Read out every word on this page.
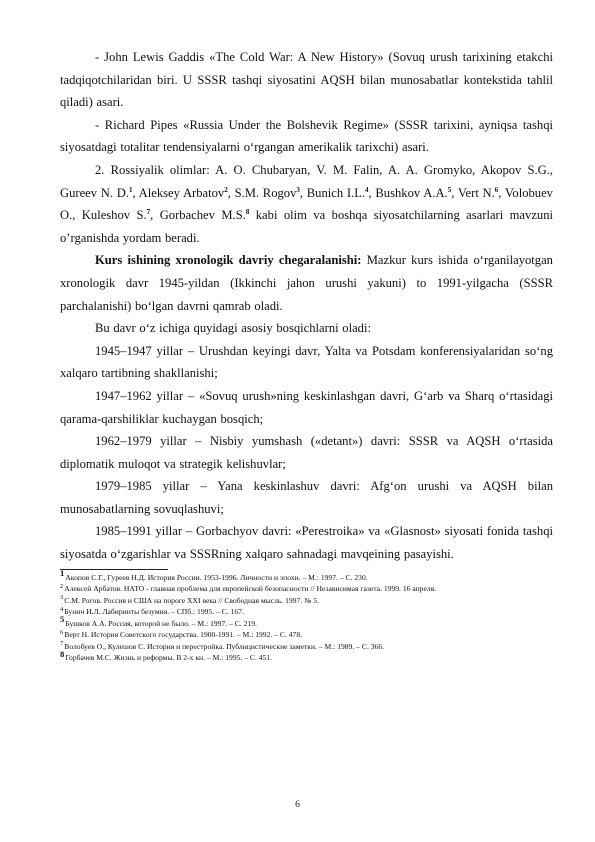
- John Lewis Gaddis «The Cold War: A New History» (Sovuq urush tarixining etakchi tadqiqotchilaridan biri. U SSSR tashqi siyosatini AQSH bilan munosabatlar kontekstida tahlil qiladi) asari.

- Richard Pipes «Russia Under the Bolshevik Regime» (SSSR tarixini, ayniqsa tashqi siyosatdagi totalitar tendensiyalarni o‘rgangan amerikalik tarixchi) asari.

2. Rossiyalik olimlar: A. O. Chubaryan, V. M. Falin, A. A. Gromyko, Akopov S.G., Gureev N. D.$^1$, Aleksey Arbatov$^2$, S.M. Rogov$^3$, Bunich I.L.$^4$, Bushkov A.A.$^5$, Vert N.$^6$, Volobuev O., Kuleshov S.$^7$, Gorbachev M.S.$^8$ kabi olim va boshqa siyosatchilarning asarlari mavzuni o’rganishda yordam beradi.

Kurs ishining xronologik davriy chegaralanishi: Mazkur kurs ishida o‘rganilayotgan xronologik davr 1945-yildan (Ikkinchi jahon urushi yakuni) to 1991-yilgacha (SSSR parchalanishi) bo‘lgan davrni qamrab oladi.

Bu davr o‘z ichiga quyidagi asosiy bosqichlarni oladi:

1945–1947 yillar – Urushdan keyingi davr, Yalta va Potsdam konferensiyalaridan so‘ng xalqaro tartibning shakllanishi;

1947–1962 yillar – «Sovuq urush»ning keskinlashgan davri, G‘arb va Sharq o‘rtasidagi qarama-qarshiliklar kuchaygan bosqich;

1962–1979 yillar – Nisbiy yumshash («detant») davri: SSSR va AQSH o‘rtasida diplomatik muloqot va strategik kelishuvlar;

1979–1985 yillar – Yana keskinlashuv davri: Afg‘on urushi va AQSH bilan munosabatlarning sovuqlashuvi;

1985–1991 yillar – Gorbachyov davri: «Perestroika» va «Glasnost» siyosati fonida tashqi siyosatda o‘zgarishlar va SSSRning xalqaro sahnadagi mavqeining pasayishi.

1Акопов С.Г., Гуреев Н.Д. История России. 1953-1996. Личности и эпохи. – М.: 1997. – С. 230.

2Алексей Арбатов. НАТО - главная проблема для европейской безопасности // Независимая газета. 1999. 16 апреля.

3С.М. Рогов. Россия и США на пороге XXI века // Свободная мысль. 1997. № 5.

4Бунич И.Л. Лабиринты безумия. – СПб.: 1995. – С. 167.

5Бушков А.А. Россия, которой не было. – М.: 1997. – С. 219.

6Верт Н. История Советского государства. 1900-1991. – М.: 1992. – С. 478.

7Волобуев О., Кулешов С. История и перестройка. Публицистические заметки. – М.: 1989. – С. 366.

8Горбачев М.С. Жизнь и реформы. В 2-х кн. – М.: 1995. – С. 451.

6
